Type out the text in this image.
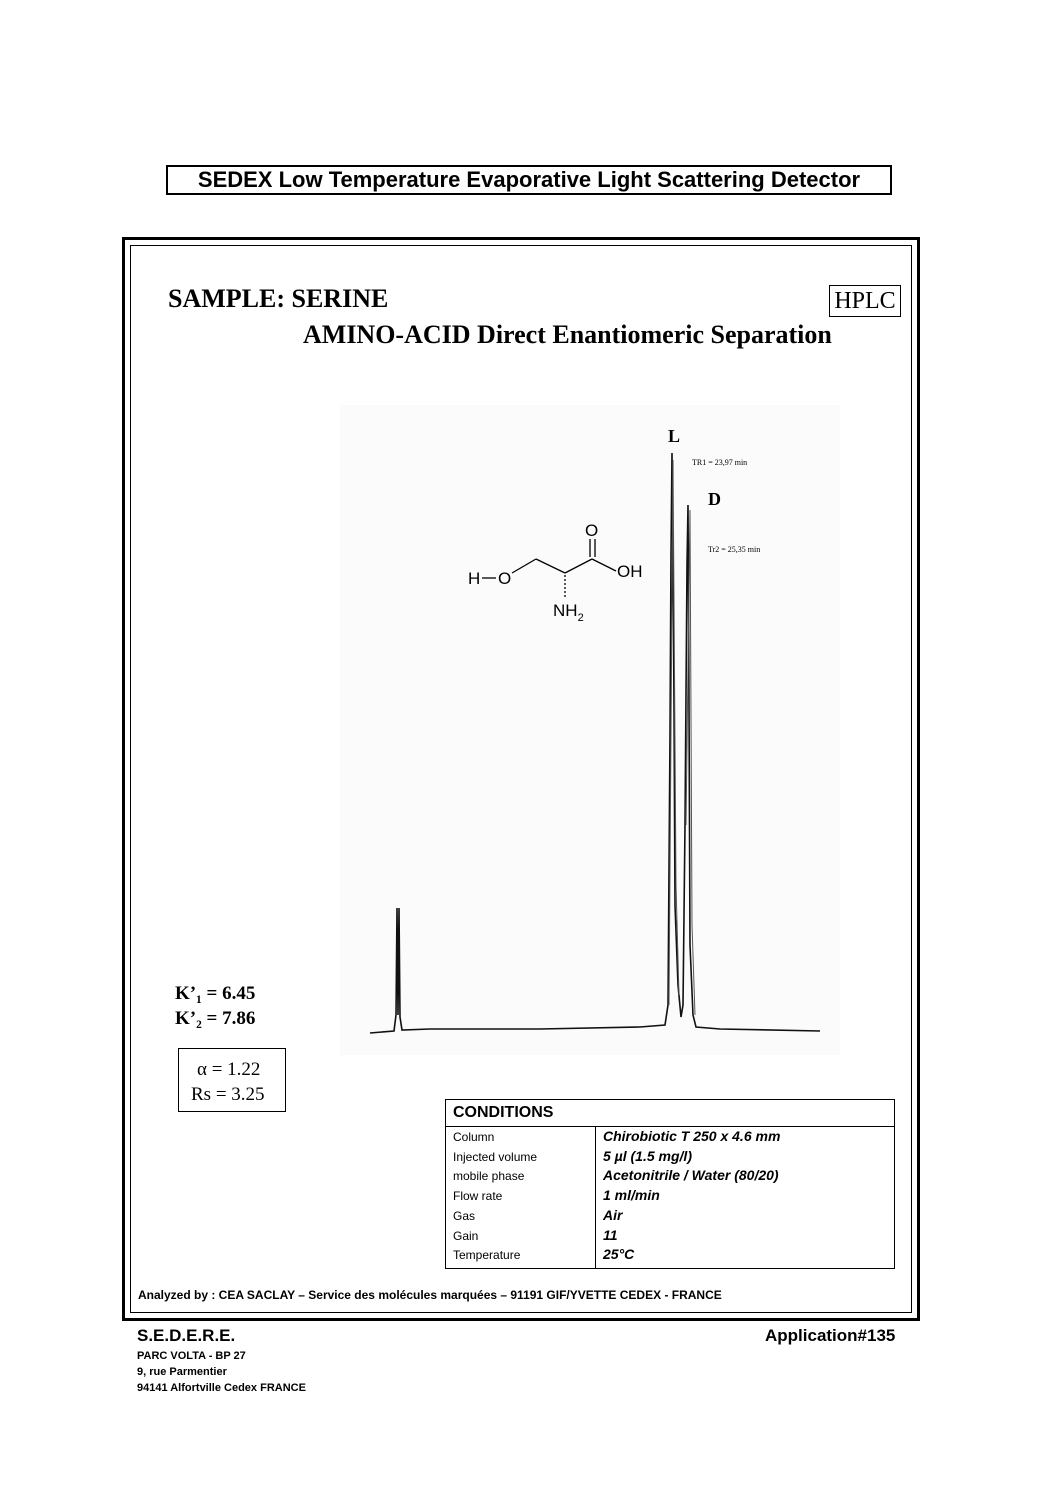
SEDEX Low Temperature Evaporative Light Scattering Detector
SAMPLE: SERINE	HPLC
AMINO-ACID Direct Enantiomeric Separation
L
TR1 = 23,97 min
D
Tr2 = 25,35 min
H O
O
OH
$NH_2$
K’₁ = 6.45
K’₂ = 7.86
α = 1.22
Rs = 3.25
CONDITIONS
Column	Chirobiotic T 250 x 4.6 mm
Injected volume	5 µl (1.5 mg/l)
mobile phase	Acetonitrile / Water (80/20)
Flow rate	1 ml/min
Gas	Air
Gain	11
Temperature	25°C
Analyzed by : CEA SACLAY – Service des molécules marquées – 91191 GIF/YVETTE CEDEX - FRANCE
S.E.D.E.R.E.	Application#135
PARC VOLTA - BP 27
9, rue Parmentier
94141 Alfortville Cedex FRANCE
